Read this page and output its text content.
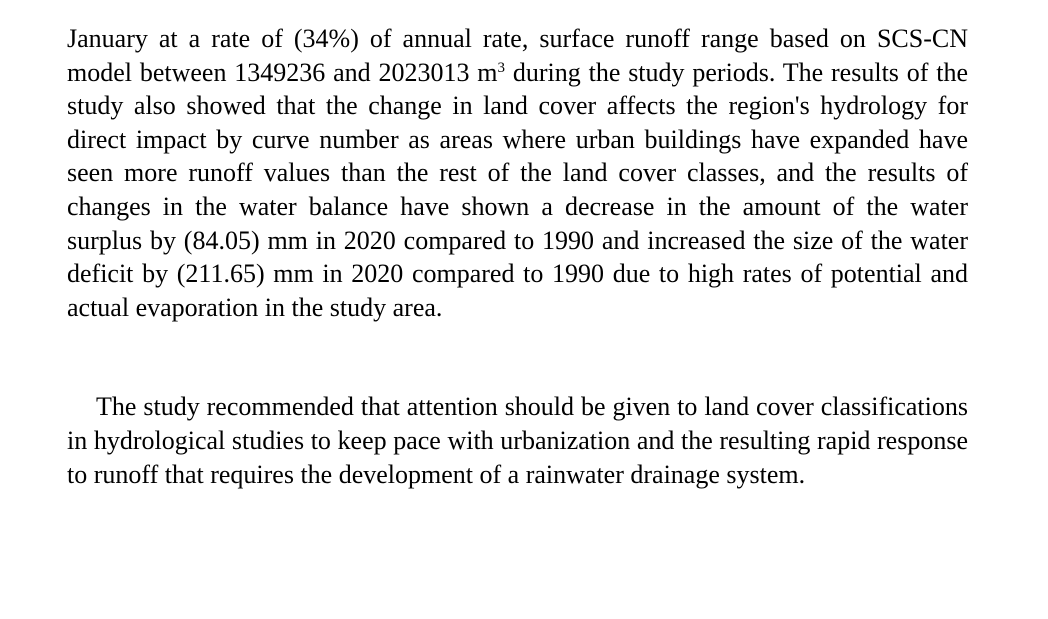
January at a rate of (34%) of annual rate, surface runoff range based on SCS-CN model between 1349236 and 2023013 $m^3$ during the study periods. The results of the study also showed that the change in land cover affects the region's hydrology for direct impact by curve number as areas where urban buildings have expanded have seen more runoff values than the rest of the land cover classes, and the results of changes in the water balance have shown a decrease in the amount of the water surplus by (84.05) mm in 2020 compared to 1990 and increased the size of the water deficit by (211.65) mm in 2020 compared to 1990 due to high rates of potential and actual evaporation in the study area.

The study recommended that attention should be given to land cover classifications in hydrological studies to keep pace with urbanization and the resulting rapid response to runoff that requires the development of a rainwater drainage system.
